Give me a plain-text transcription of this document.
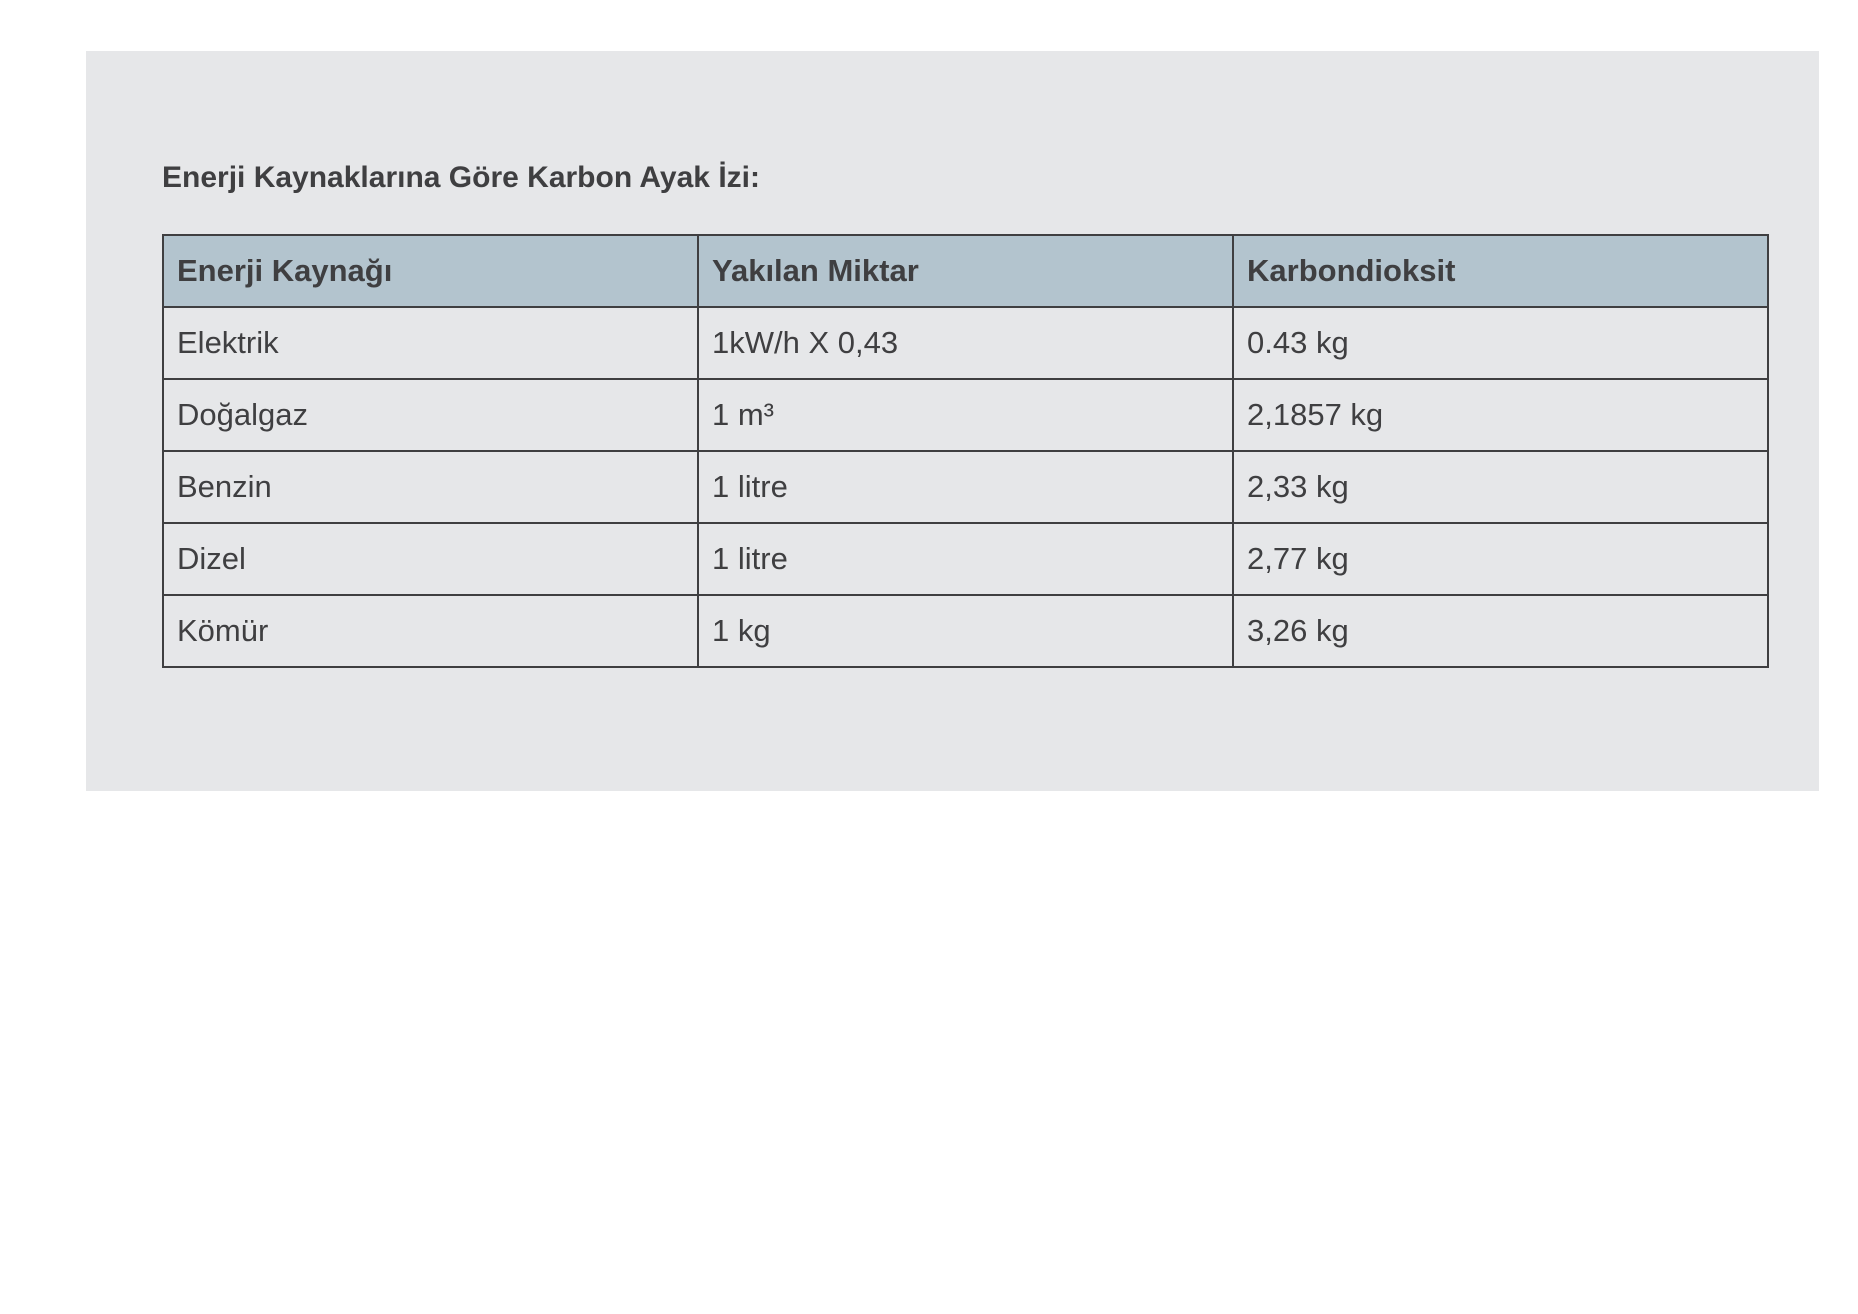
Enerji Kaynaklarına Göre Karbon Ayak İzi:
Enerji Kaynağı	Yakılan Miktar	Karbondioksit
Elektrik	1kW/h X 0,43	0.43 kg
Doğalgaz	1 m³	2,1857 kg
Benzin	1 litre	2,33 kg
Dizel	1 litre	2,77 kg
Kömür	1 kg	3,26 kg
